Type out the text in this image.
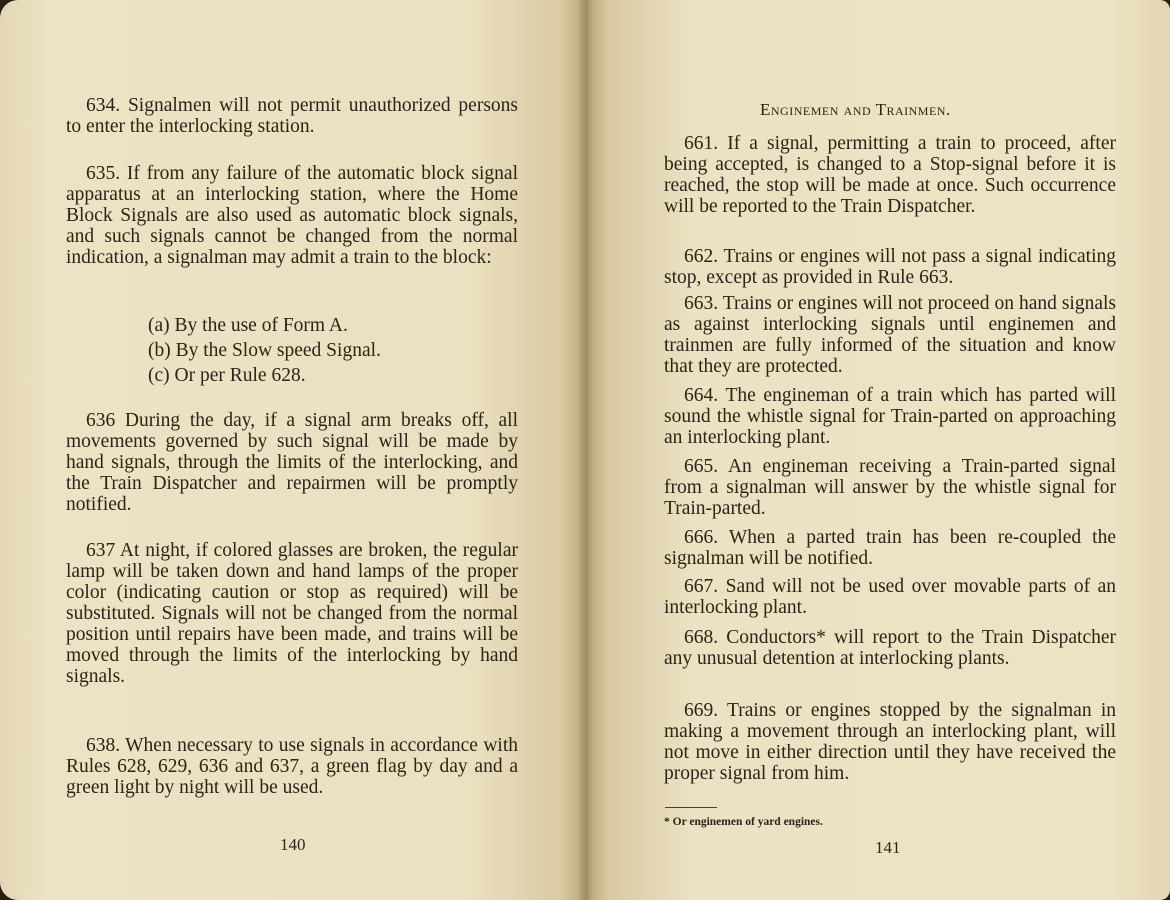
634. Signalmen will not permit unauthorized persons to enter the interlocking station.

635. If from any failure of the automatic block signal apparatus at an interlocking station, where the Home Block Signals are also used as automatic block signals, and such signals cannot be changed from the normal indication, a signalman may admit a train to the block:

(a) By the use of Form A.
(b) By the Slow speed Signal.
(c) Or per Rule 628.

636 During the day, if a signal arm breaks off, all movements governed by such signal will be made by hand signals, through the limits of the interlocking, and the Train Dispatcher and repairmen will be promptly notified.

637 At night, if colored glasses are broken, the regular lamp will be taken down and hand lamps of the proper color (indicating caution or stop as required) will be substituted. Signals will not be changed from the normal position until repairs have been made, and trains will be moved through the limits of the interlocking by hand signals.

638. When necessary to use signals in accordance with Rules 628, 629, 636 and 637, a green flag by day and a green light by night will be used.

140
Enginemen and Trainmen.

661. If a signal, permitting a train to proceed, after being accepted, is changed to a Stop-signal before it is reached, the stop will be made at once. Such occurrence will be reported to the Train Dispatcher.

662. Trains or engines will not pass a signal indicating stop, except as provided in Rule 663.

663. Trains or engines will not proceed on hand signals as against interlocking signals until enginemen and trainmen are fully informed of the situation and know that they are protected.

664. The engineman of a train which has parted will sound the whistle signal for Train-parted on approaching an interlocking plant.

665. An engineman receiving a Train-parted signal from a signalman will answer by the whistle signal for Train-parted.

666. When a parted train has been re-coupled the signalman will be notified.

667. Sand will not be used over movable parts of an interlocking plant.

668. Conductors* will report to the Train Dispatcher any unusual detention at interlocking plants.

669. Trains or engines stopped by the signalman in making a movement through an interlocking plant, will not move in either direction until they have received the proper signal from him.

* Or enginemen of yard engines.
141
